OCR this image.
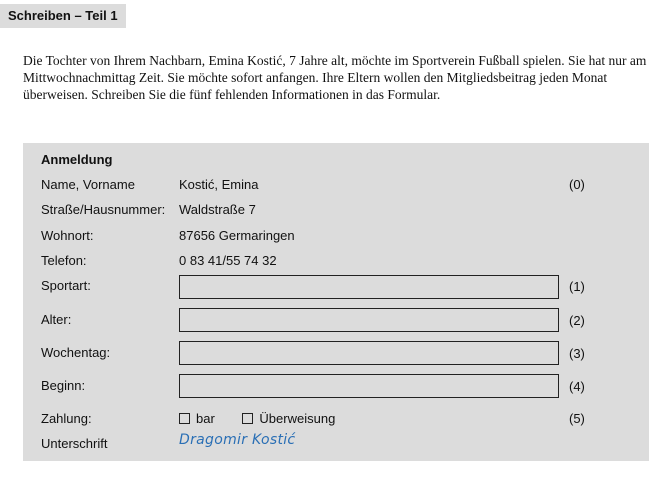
Schreiben – Teil 1

Die Tochter von Ihrem Nachbarn, Emina Kostić, 7 Jahre alt, möchte im Sportverein Fußball spielen. Sie hat nur am Mittwochnachmittag Zeit. Sie möchte sofort anfangen. Ihre Eltern wollen den Mitgliedsbeitrag jeden Monat überweisen. Schreiben Sie die fünf fehlenden Informationen in das Formular.

Anmeldung
Name, Vorname	Kostić, Emina	(0)
Straße/Hausnummer: Waldstraße 7
Wohnort:	87656 Germaringen
Telefon:	0 83 41/55 74 32
Sportart:	(1)
Alter:	(2)
Wochentag:	(3)
Beginn:	(4)
Zahlung:	bar	Überweisung	(5)
Unterschrift	Dragomir Kostić
